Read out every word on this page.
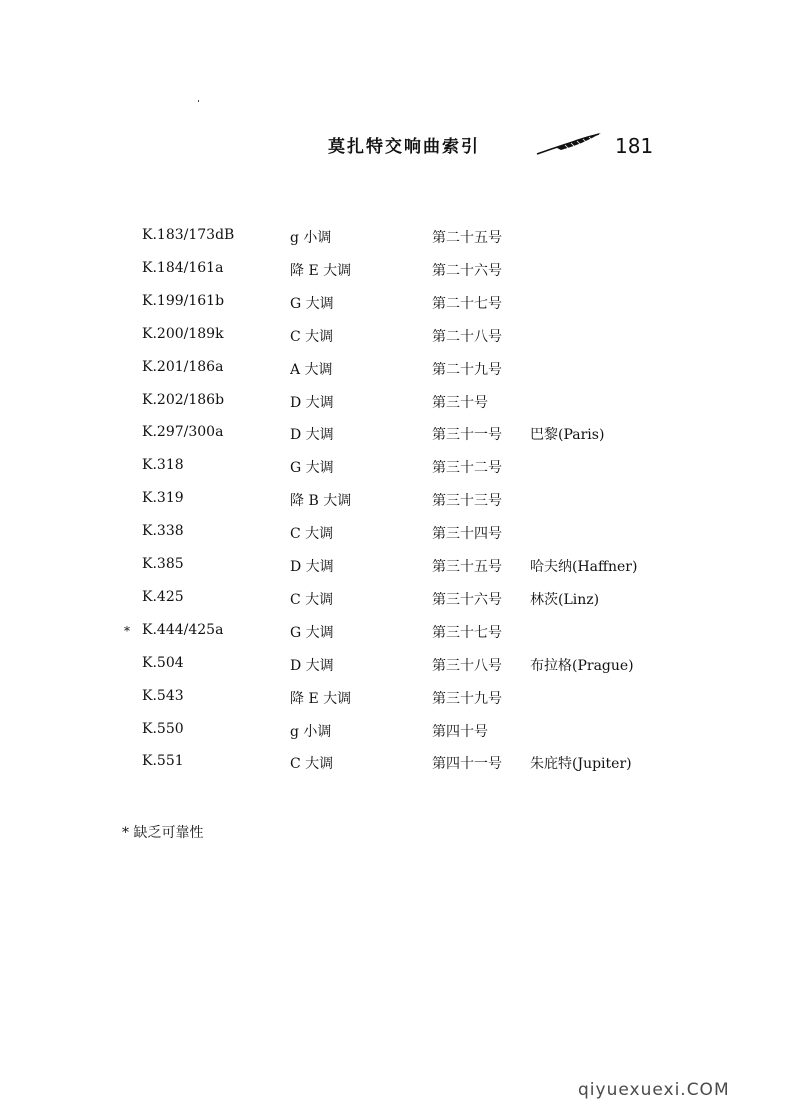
莫扎特交响曲索引	181
K.183/173dB	g 小调	第二十五号
K.184/161a	降 E 大调	第二十六号
K.199/161b	G 大调	第二十七号
K.200/189k	C 大调	第二十八号
K.201/186a	A 大调	第二十九号
K.202/186b	D 大调	第三十号
K.297/300a	D 大调	第三十一号 巴黎(Paris)
K.318	G 大调	第三十二号
K.319	降 B 大调	第三十三号
K.338	C 大调	第三十四号
K.385	D 大调	第三十五号 哈夫纳(Haffner)
K.425	C 大调	第三十六号 林茨(Linz)
* K.444/425a	G 大调	第三十七号
K.504	D 大调	第三十八号 布拉格(Prague)
K.543	降 E 大调	第三十九号
K.550	g 小调	第四十号
K.551	C 大调	第四十一号 朱庇特(Jupiter)
* 缺乏可靠性
qiyuexuexi.COM
